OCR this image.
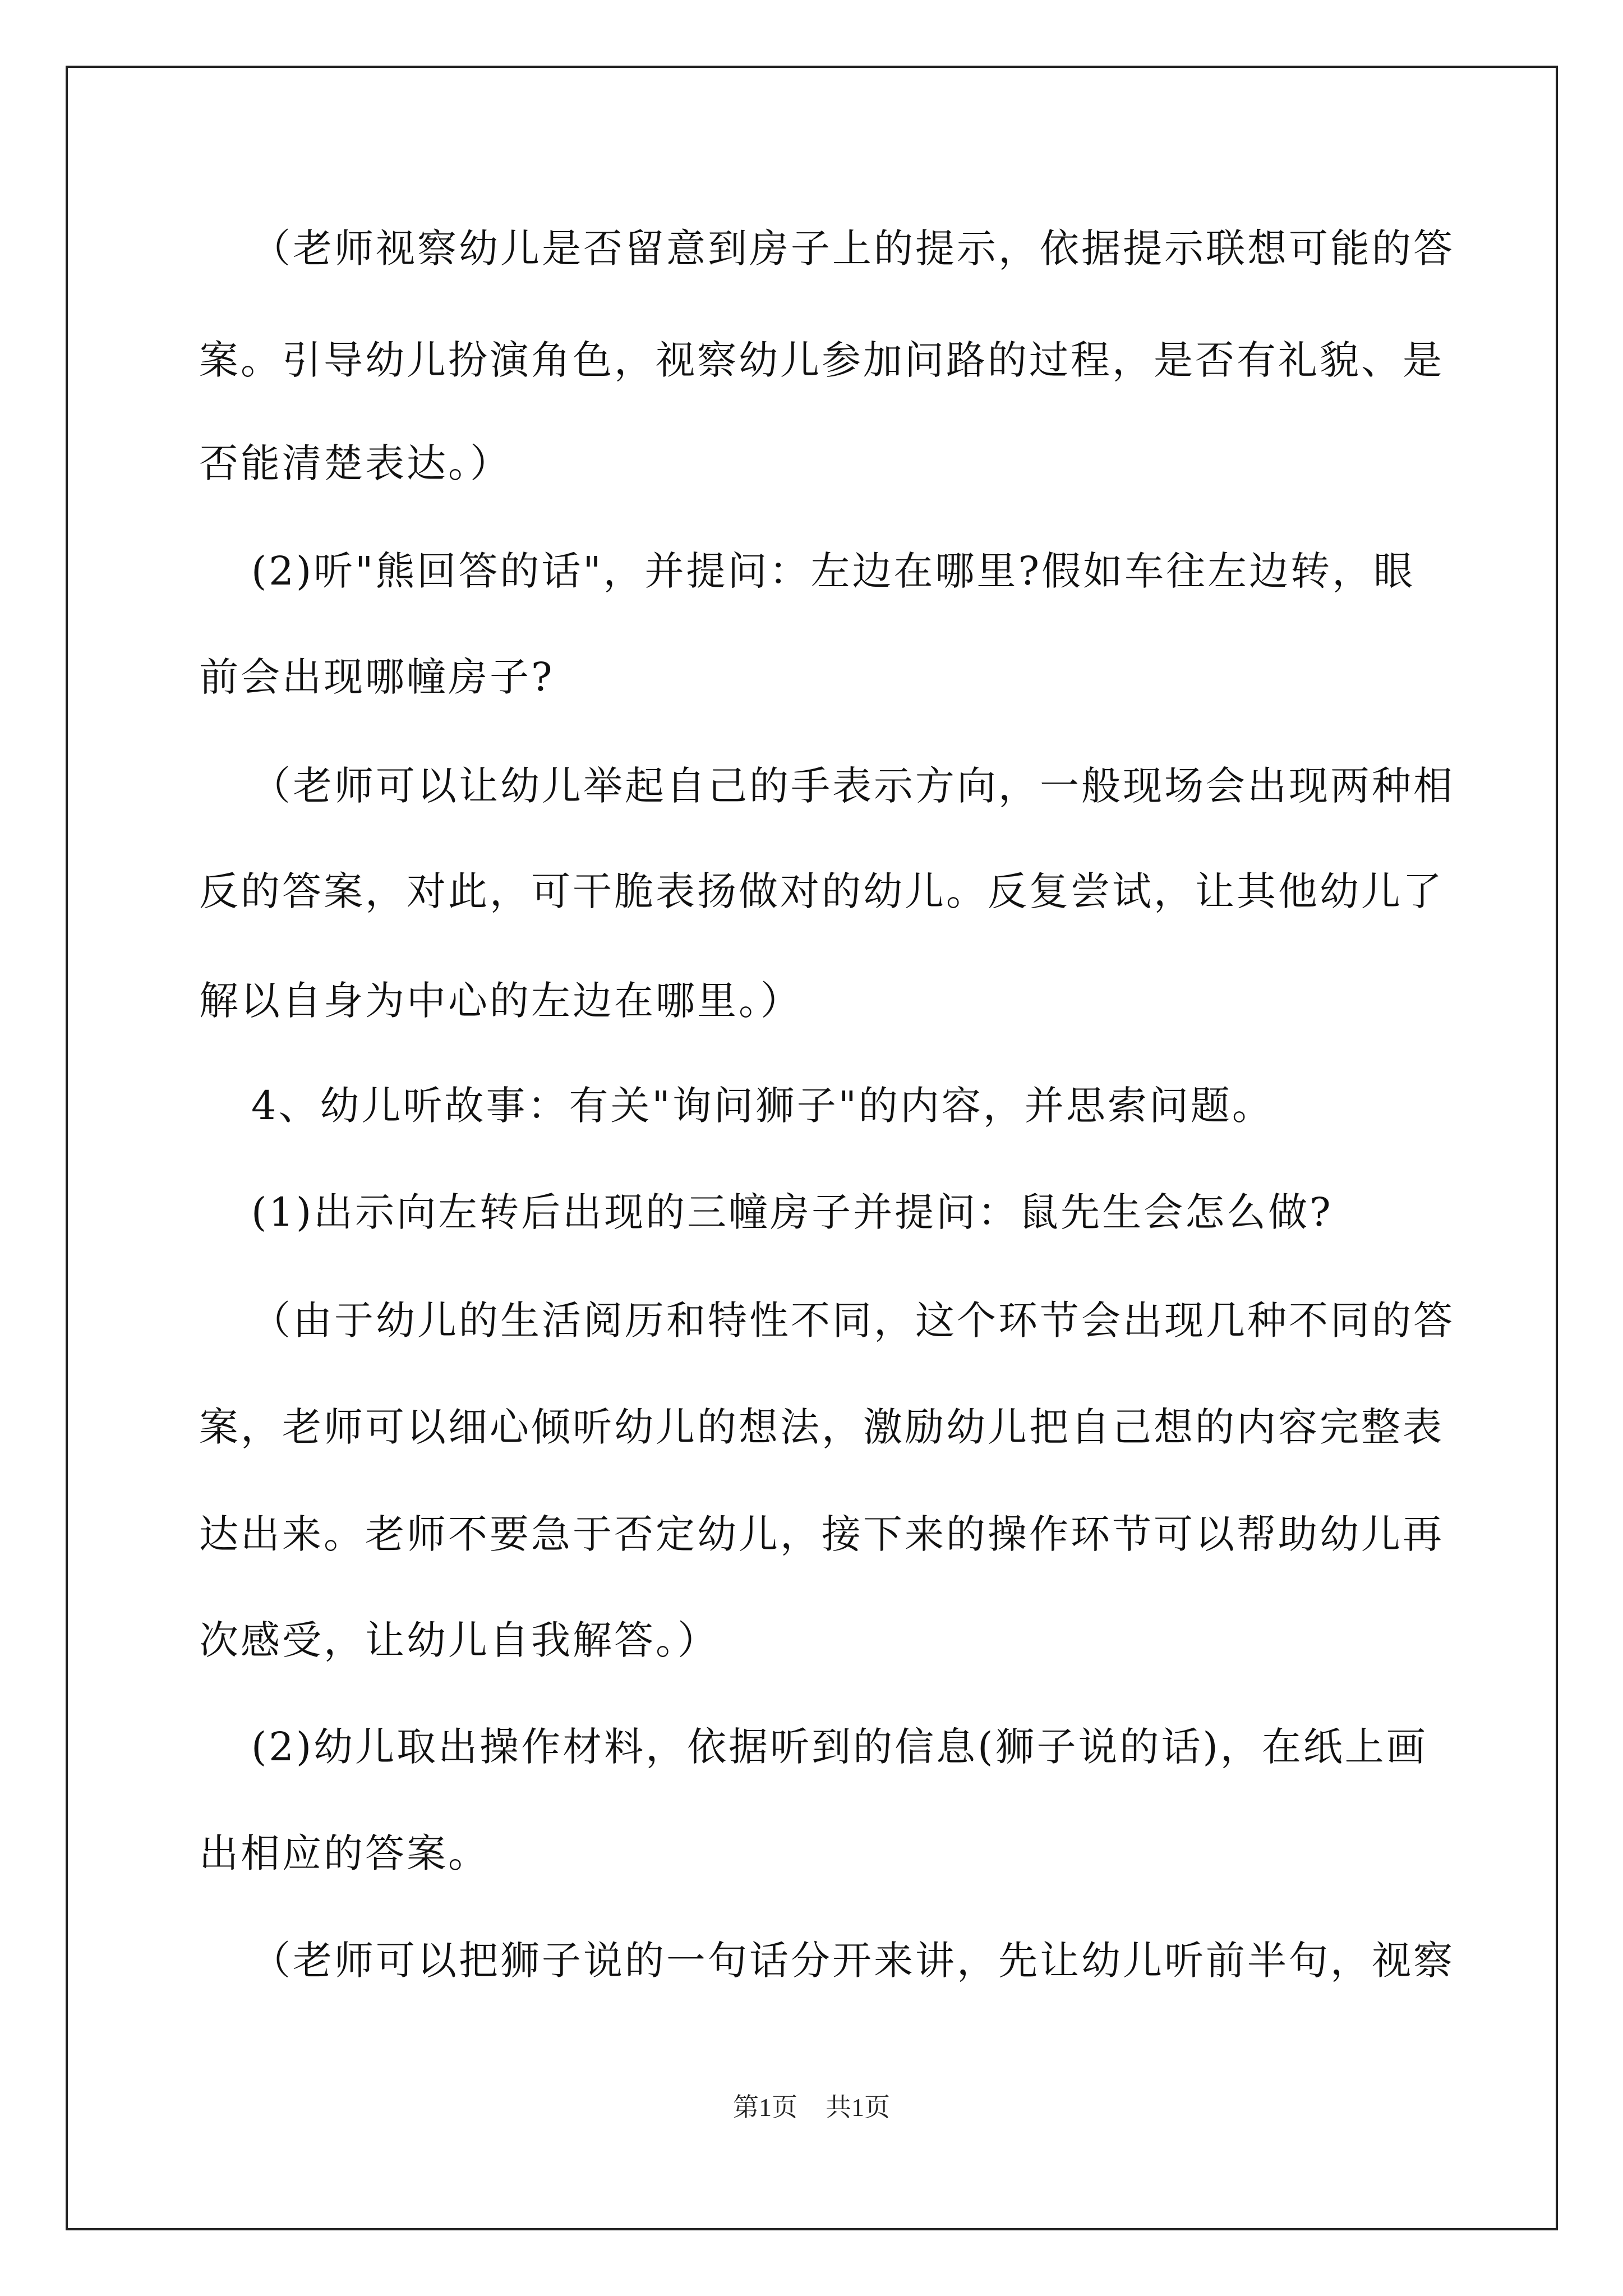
（老师视察幼儿是否留意到房子上的提示，依据提示联想可能的答
案。引导幼儿扮演角色，视察幼儿参加问路的过程，是否有礼貌、是
否能清楚表达。）
(2)听"熊回答的话"，并提问：左边在哪里?假如车往左边转，眼
前会出现哪幢房子?
（老师可以让幼儿举起自己的手表示方向，一般现场会出现两种相
反的答案，对此，可干脆表扬做对的幼儿。反复尝试，让其他幼儿了
解以自身为中心的左边在哪里。）
4、幼儿听故事：有关"询问狮子"的内容，并思索问题。
(1)出示向左转后出现的三幢房子并提问：鼠先生会怎么做?
（由于幼儿的生活阅历和特性不同，这个环节会出现几种不同的答
案，老师可以细心倾听幼儿的想法，激励幼儿把自己想的内容完整表
达出来。老师不要急于否定幼儿，接下来的操作环节可以帮助幼儿再
次感受，让幼儿自我解答。）
(2)幼儿取出操作材料，依据听到的信息(狮子说的话)，在纸上画
出相应的答案。
（老师可以把狮子说的一句话分开来讲，先让幼儿听前半句，视察
第1页 共1页
